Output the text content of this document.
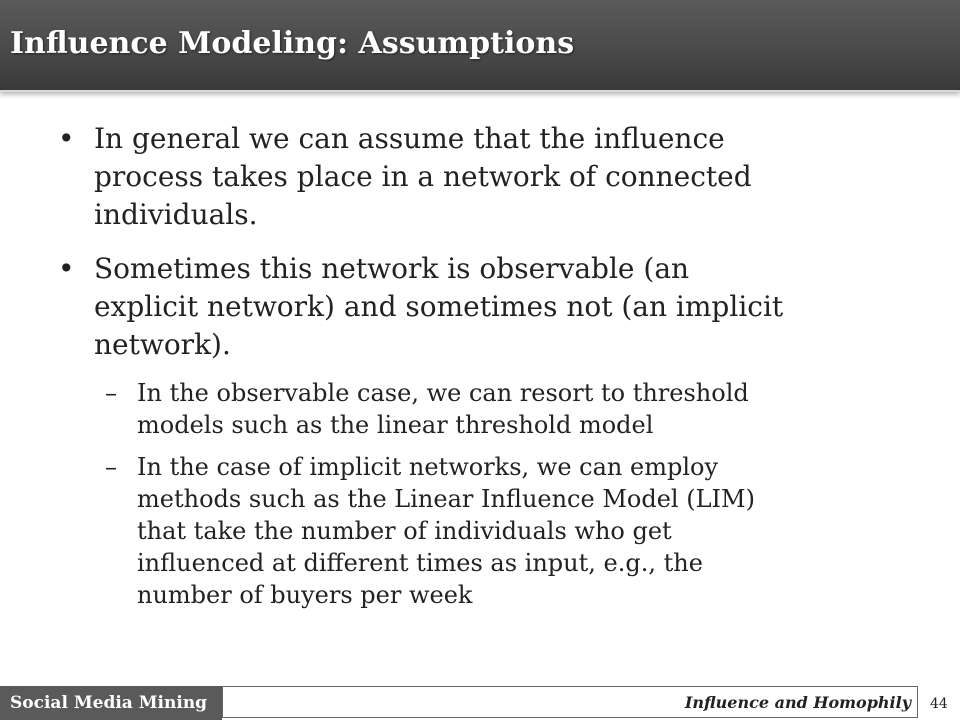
Influence Modeling: Assumptions
• In general we can assume that the influence
process takes place in a network of connected
individuals.
• Sometimes this network is observable (an
explicit network) and sometimes not (an implicit
network).
– In the observable case, we can resort to threshold
models such as the linear threshold model
– In the case of implicit networks, we can employ
methods such as the Linear Influence Model (LIM)
that take the number of individuals who get
influenced at different times as input, e.g., the
number of buyers per week
Social Media Mining	Influence and Homophily 44
